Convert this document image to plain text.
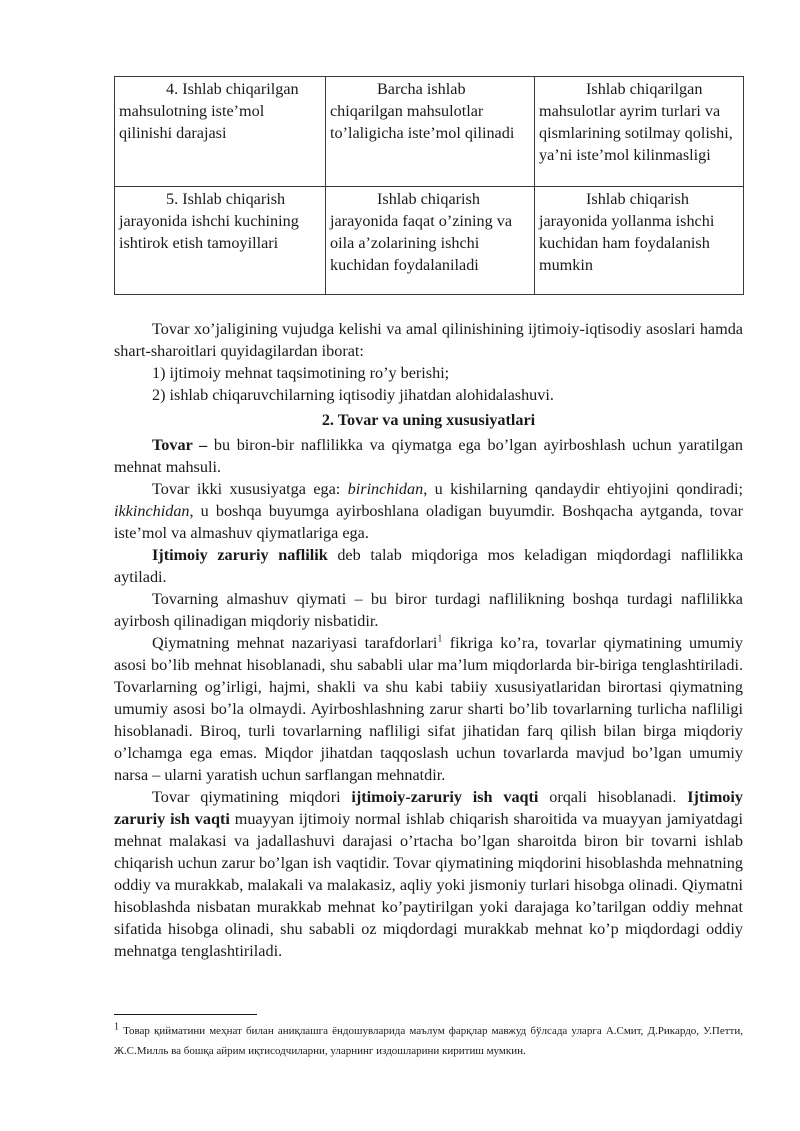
4. Ishlab chiqarilgan mahsulotning iste’mol qilinishi darajasi	Barcha ishlab chiqarilgan mahsulotlar to’laligicha iste’mol qilinadi	Ishlab chiqarilgan mahsulotlar ayrim turlari va qismlarining sotilmay qolishi, ya’ni iste’mol kilinmasligi

5. Ishlab chiqarish jarayonida ishchi kuchining ishtirok etish tamoyillari	Ishlab chiqarish jarayonida faqat o’zining va oila a’zolarining ishchi kuchidan foydalaniladi	Ishlab chiqarish jarayonida yollanma ishchi kuchidan ham foydalanish mumkin

Tovar xo’jaligining vujudga kelishi va amal qilinishining ijtimoiy-iqtisodiy asoslari hamda shart-sharoitlari quyidagilardan iborat:

1) ijtimoiy mehnat taqsimotining ro’y berishi;

2) ishlab chiqaruvchilarning iqtisodiy jihatdan alohidalashuvi.

2. Tovar va uning xususiyatlari

Tovar – bu biron-bir naflilikka va qiymatga ega bo’lgan ayirboshlash uchun yaratilgan mehnat mahsuli.

Tovar ikki xususiyatga ega: birinchidan, u kishilarning qandaydir ehtiyojini qondiradi; ikkinchidan, u boshqa buyumga ayirboshlana oladigan buyumdir. Boshqacha aytganda, tovar iste’mol va almashuv qiymatlariga ega.

Ijtimoiy zaruriy naflilik deb talab miqdoriga mos keladigan miqdordagi naflilikka aytiladi.

Tovarning almashuv qiymati – bu biror turdagi naflilikning boshqa turdagi naflilikka ayirbosh qilinadigan miqdoriy nisbatidir.

Qiymatning mehnat nazariyasi tarafdorlari$^1$ fikriga ko’ra, tovarlar qiymatining umumiy asosi bo’lib mehnat hisoblanadi, shu sababli ular ma’lum miqdorlarda bir-biriga tenglashtiriladi. Tovarlarning og’irligi, hajmi, shakli va shu kabi tabiiy xususiyatlaridan birortasi qiymatning umumiy asosi bo’la olmaydi. Ayirboshlashning zarur sharti bo’lib tovarlarning turlicha nafliligi hisoblanadi. Biroq, turli tovarlarning nafliligi sifat jihatidan farq qilish bilan birga miqdoriy o’lchamga ega emas. Miqdor jihatdan taqqoslash uchun tovarlarda mavjud bo’lgan umumiy narsa – ularni yaratish uchun sarflangan mehnatdir.

Tovar qiymatining miqdori ijtimoiy-zaruriy ish vaqti orqali hisoblanadi. Ijtimoiy zaruriy ish vaqti muayyan ijtimoiy normal ishlab chiqarish sharoitida va muayyan jamiyatdagi mehnat malakasi va jadallashuvi darajasi o’rtacha bo’lgan sharoitda biron bir tovarni ishlab chiqarish uchun zarur bo’lgan ish vaqtidir. Tovar qiymatining miqdorini hisoblashda mehnatning oddiy va murakkab, malakali va malakasiz, aqliy yoki jismoniy turlari hisobga olinadi. Qiymatni hisoblashda nisbatan murakkab mehnat ko’paytirilgan yoki darajaga ko’tarilgan oddiy mehnat sifatida hisobga olinadi, shu sababli oz miqdordagi murakkab mehnat ko’p miqdordagi oddiy mehnatga tenglashtiriladi.

$^1$ Товар қийматини меҳнат билан аниқлашга ёндошувларида маълум фарқлар мавжуд бўлсада уларга А.Смит, Д.Рикардо, У.Петти, Ж.С.Милль ва бошқа айрим иқтисодчиларни, уларнинг издошларини киритиш мумкин.
